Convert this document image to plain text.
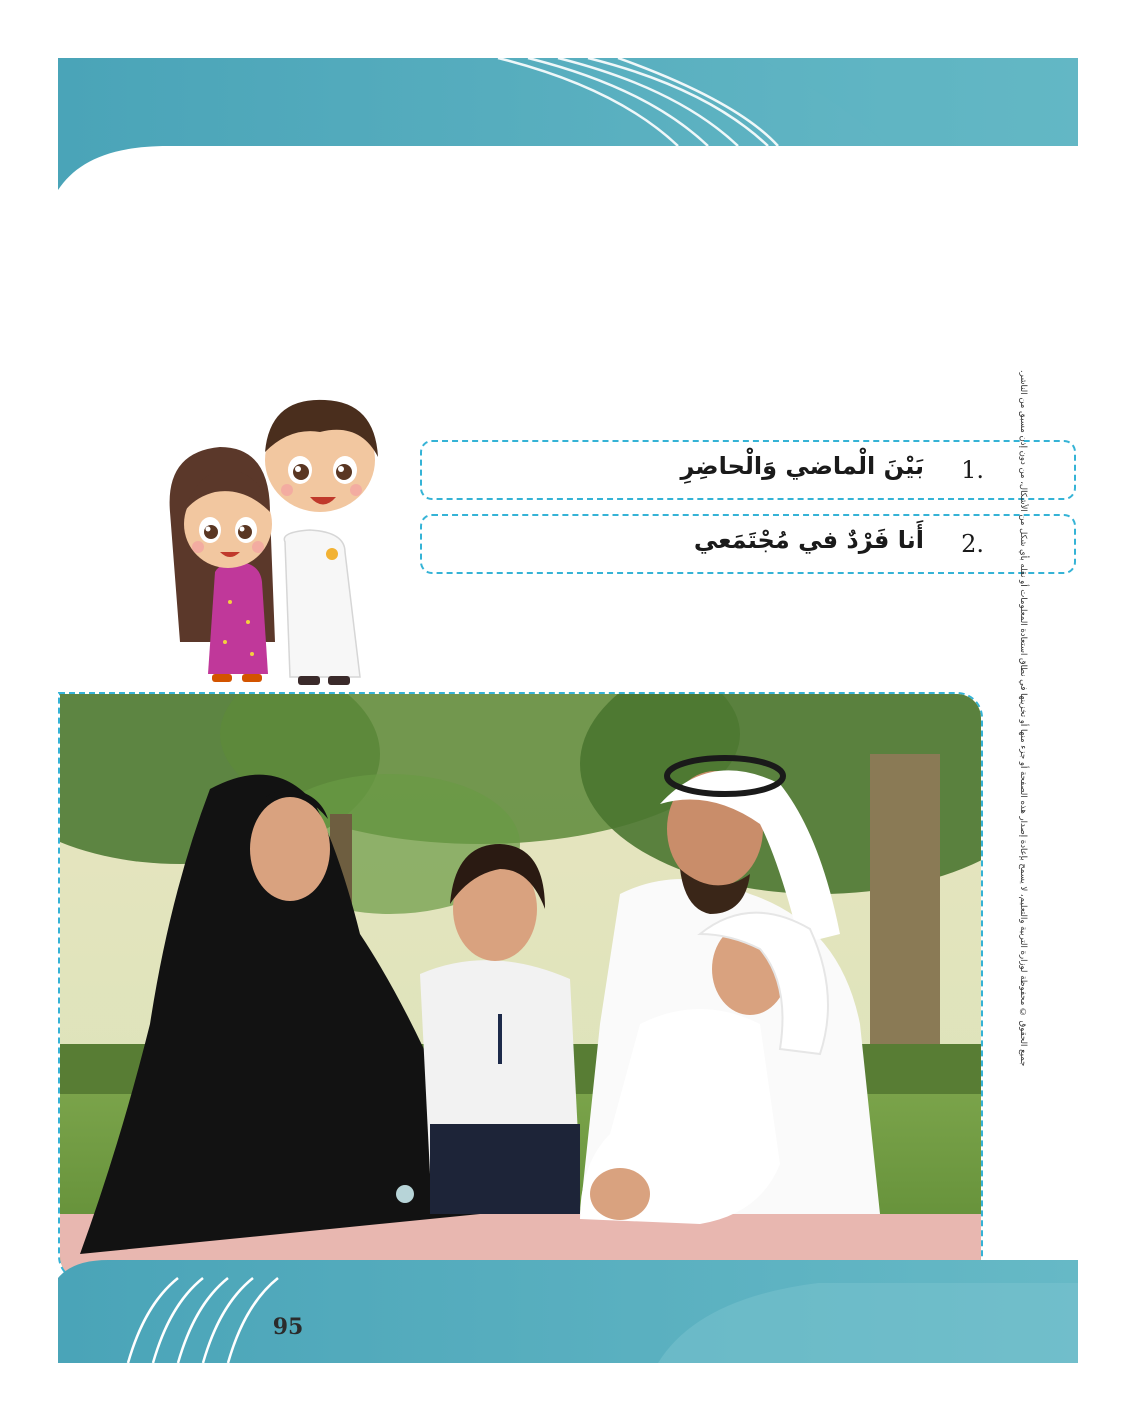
1.
بَيْنَ الْماضي وَالْحاضِرِ
2.
أَنا فَرْدٌ في مُجْتَمَعي	جميع الحقوق © محفوظة لوزارة التربية والتعليم، لا يسمح بإعادة إصدار هذه الصفحة أو جزء منها أو تخزينها في نطاق استعادة المعلومات أو نقله بأي شكل من الأشكال، من دون إذن مسبق من الناشر.
95
